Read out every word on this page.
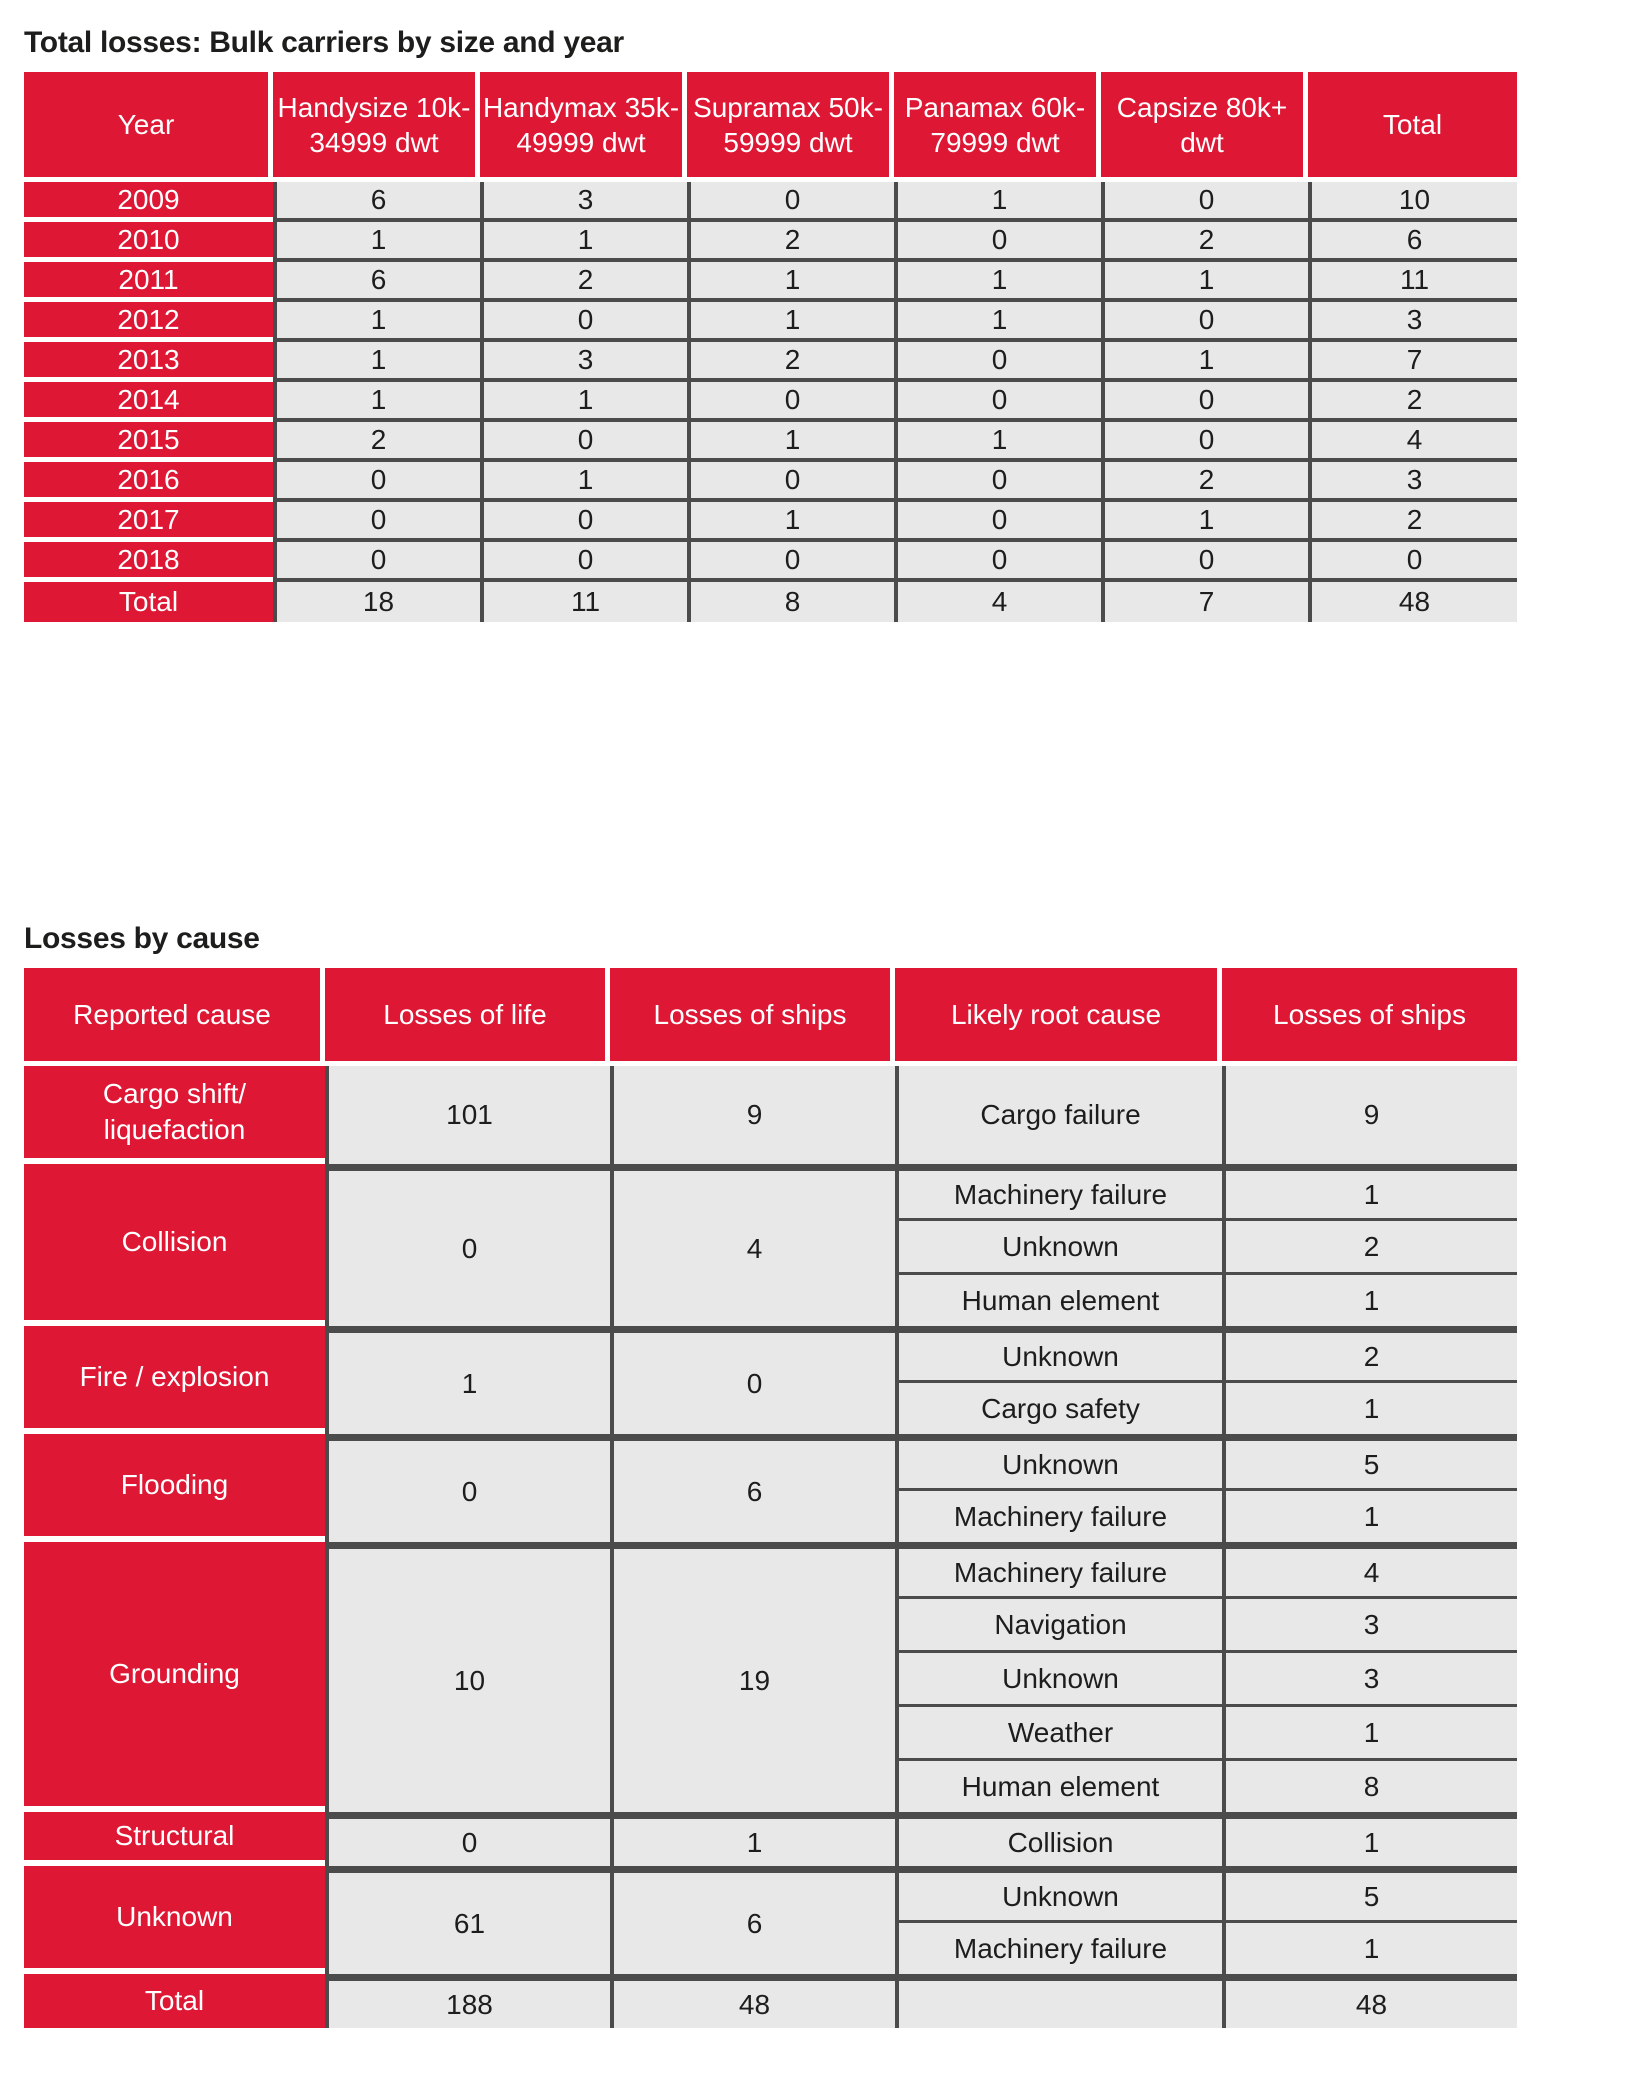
Total losses: Bulk carriers by size and year
Year	Handysize 10k-34999 dwt	Handymax 35k-49999 dwt	Supramax 50k-59999 dwt	Panamax 60k-79999 dwt	Capsize 80k+ dwt	Total
2009	6	3	0	1	0	10
2010	1	1	2	0	2	6
2011	6	2	1	1	1	11
2012	1	0	1	1	0	3
2013	1	3	2	0	1	7
2014	1	1	0	0	0	2
2015	2	0	1	1	0	4
2016	0	1	0	0	2	3
2017	0	0	1	0	1	2
2018	0	0	0	0	0	0
Total	18	11	8	4	7	48
Losses by cause
Reported cause	Losses of life	Losses of ships	Likely root cause	Losses of ships
Cargo shift/ liquefaction	101	9	Cargo failure	9
Collision	0	4	Machinery failure	1
			Unknown	2
			Human element	1
Fire / explosion	1	0	Unknown	2
			Cargo safety	1
Flooding	0	6	Unknown	5
			Machinery failure	1
Grounding	10	19	Machinery failure	4
			Navigation	3
			Unknown	3
			Weather	1
			Human element	8
Structural	0	1	Collision	1
Unknown	61	6	Unknown	5
			Machinery failure	1
Total	188	48		48
